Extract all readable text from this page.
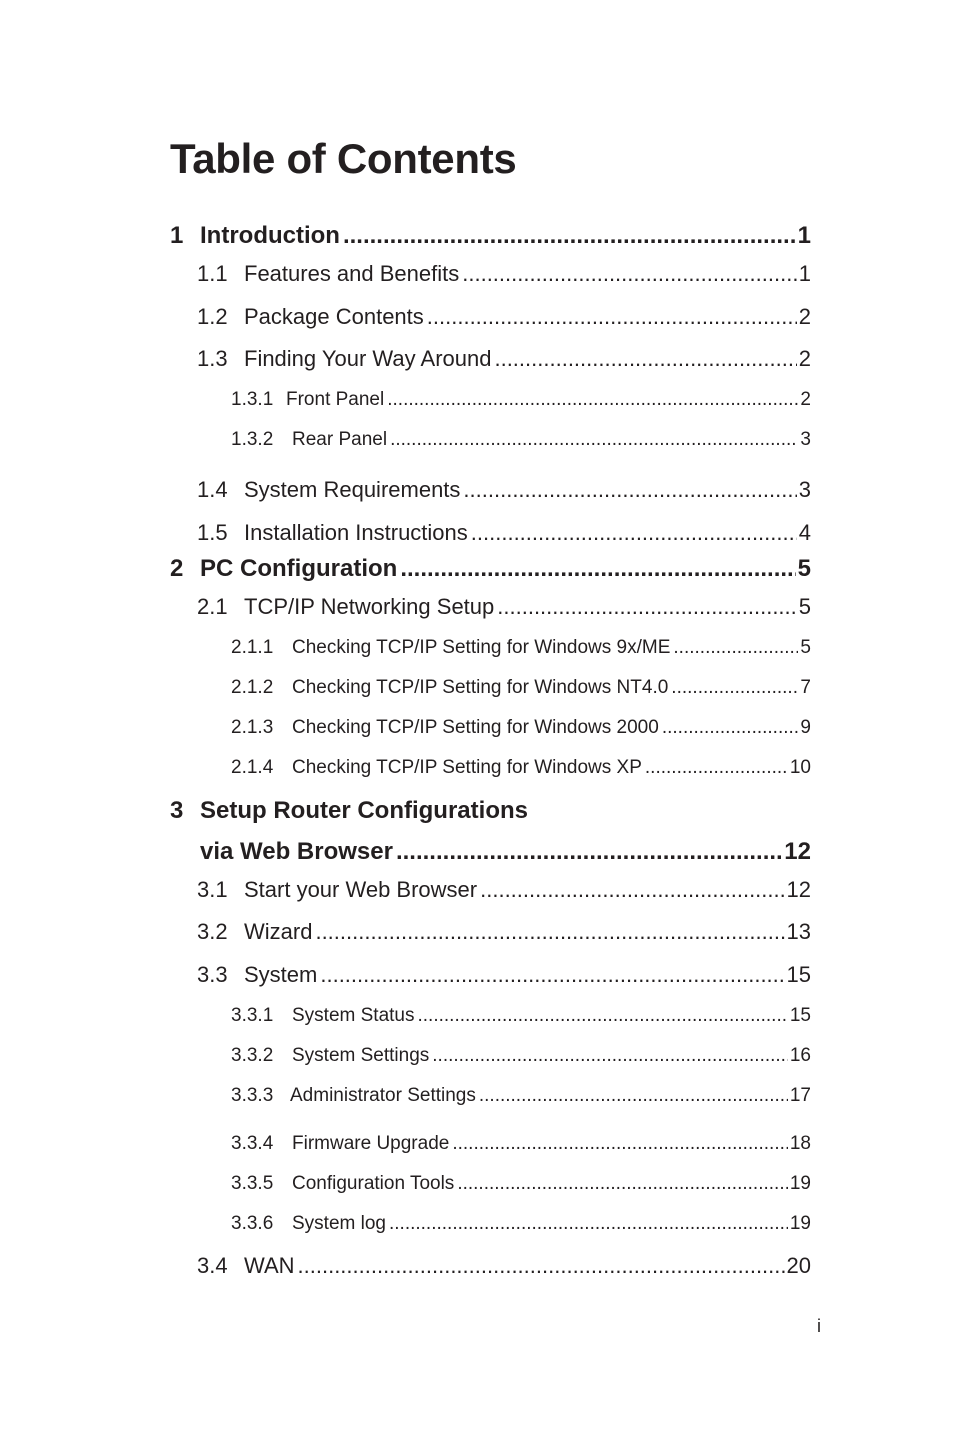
Table of Contents
1 Introduction .....	1
1.1 Features and Benefits .....	1
1.2 Package Contents .....	2
1.3 Finding Your Way Around .....	2
1.3.1 Front Panel .....	2
1.3.2 Rear Panel .....	3
1.4 System Requirements .....	3
1.5 Installation Instructions .....	4
2 PC Configuration .....	5
2.1 TCP/IP Networking Setup .....	5
2.1.1 Checking TCP/IP Setting for Windows 9x/ME .....	5
2.1.2 Checking TCP/IP Setting for Windows NT4.0 .....	7
2.1.3 Checking TCP/IP Setting for Windows 2000 .....	9
2.1.4 Checking TCP/IP Setting for Windows XP .....	10
3 Setup Router Configurations
via Web Browser .....	12
3.1 Start your Web Browser .....	12
3.2 Wizard .....	13
3.3 System .....	15
3.3.1 System Status .....	15
3.3.2 System Settings .....	16
3.3.3 Administrator Settings .....	17
3.3.4 Firmware Upgrade .....	18
3.3.5 Configuration Tools .....	19
3.3.6 System log .....	19
3.4 WAN .....	20
i
